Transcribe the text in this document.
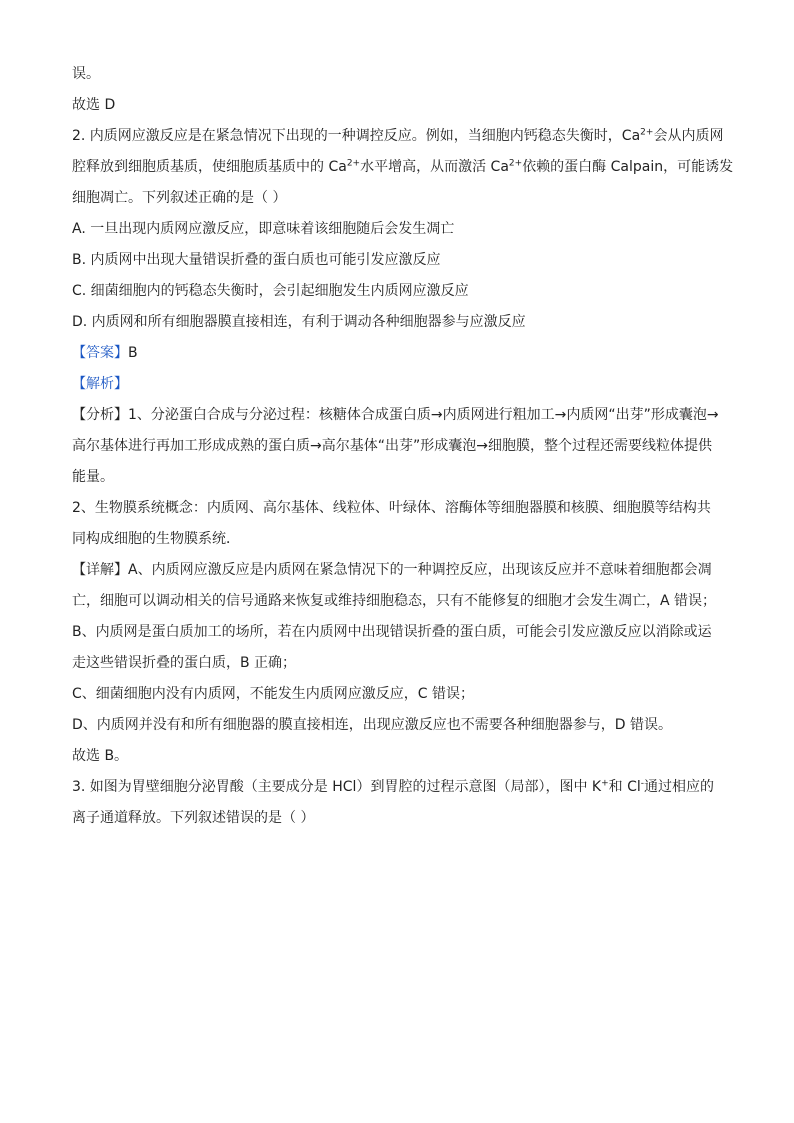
误。
故选 D
2. 内质网应激反应是在紧急情况下出现的一种调控反应。例如，当细胞内钙稳态失衡时，$Ca^{2+}$会从内质网
腔释放到细胞质基质，使细胞质基质中的 $Ca^{2+}$水平增高，从而激活 $Ca^{2+}$依赖的蛋白酶 Calpain，可能诱发
细胞凋亡。下列叙述正确的是（ ）
A. 一旦出现内质网应激反应，即意味着该细胞随后会发生凋亡
B. 内质网中出现大量错误折叠的蛋白质也可能引发应激反应
C. 细菌细胞内的钙稳态失衡时，会引起细胞发生内质网应激反应
D. 内质网和所有细胞器膜直接相连，有利于调动各种细胞器参与应激反应
【答案】B
【解析】
【分析】1、分泌蛋白合成与分泌过程：核糖体合成蛋白质→内质网进行粗加工→内质网“出芽”形成囊泡→
高尔基体进行再加工形成成熟的蛋白质→高尔基体“出芽”形成囊泡→细胞膜，整个过程还需要线粒体提供
能量。
2、生物膜系统概念：内质网、高尔基体、线粒体、叶绿体、溶酶体等细胞器膜和核膜、细胞膜等结构共
同构成细胞的生物膜系统．
【详解】A、内质网应激反应是内质网在紧急情况下的一种调控反应，出现该反应并不意味着细胞都会凋
亡，细胞可以调动相关的信号通路来恢复或维持细胞稳态，只有不能修复的细胞才会发生凋亡，A 错误；
B、内质网是蛋白质加工的场所，若在内质网中出现错误折叠的蛋白质，可能会引发应激反应以消除或运
走这些错误折叠的蛋白质，B 正确；
C、细菌细胞内没有内质网，不能发生内质网应激反应，C 错误；
D、内质网并没有和所有细胞器的膜直接相连，出现应激反应也不需要各种细胞器参与，D 错误。
故选 B。
3. 如图为胃壁细胞分泌胃酸（主要成分是 HCl）到胃腔的过程示意图（局部），图中 K+和 Cl-通过相应的
离子通道释放。下列叙述错误的是（ ）
